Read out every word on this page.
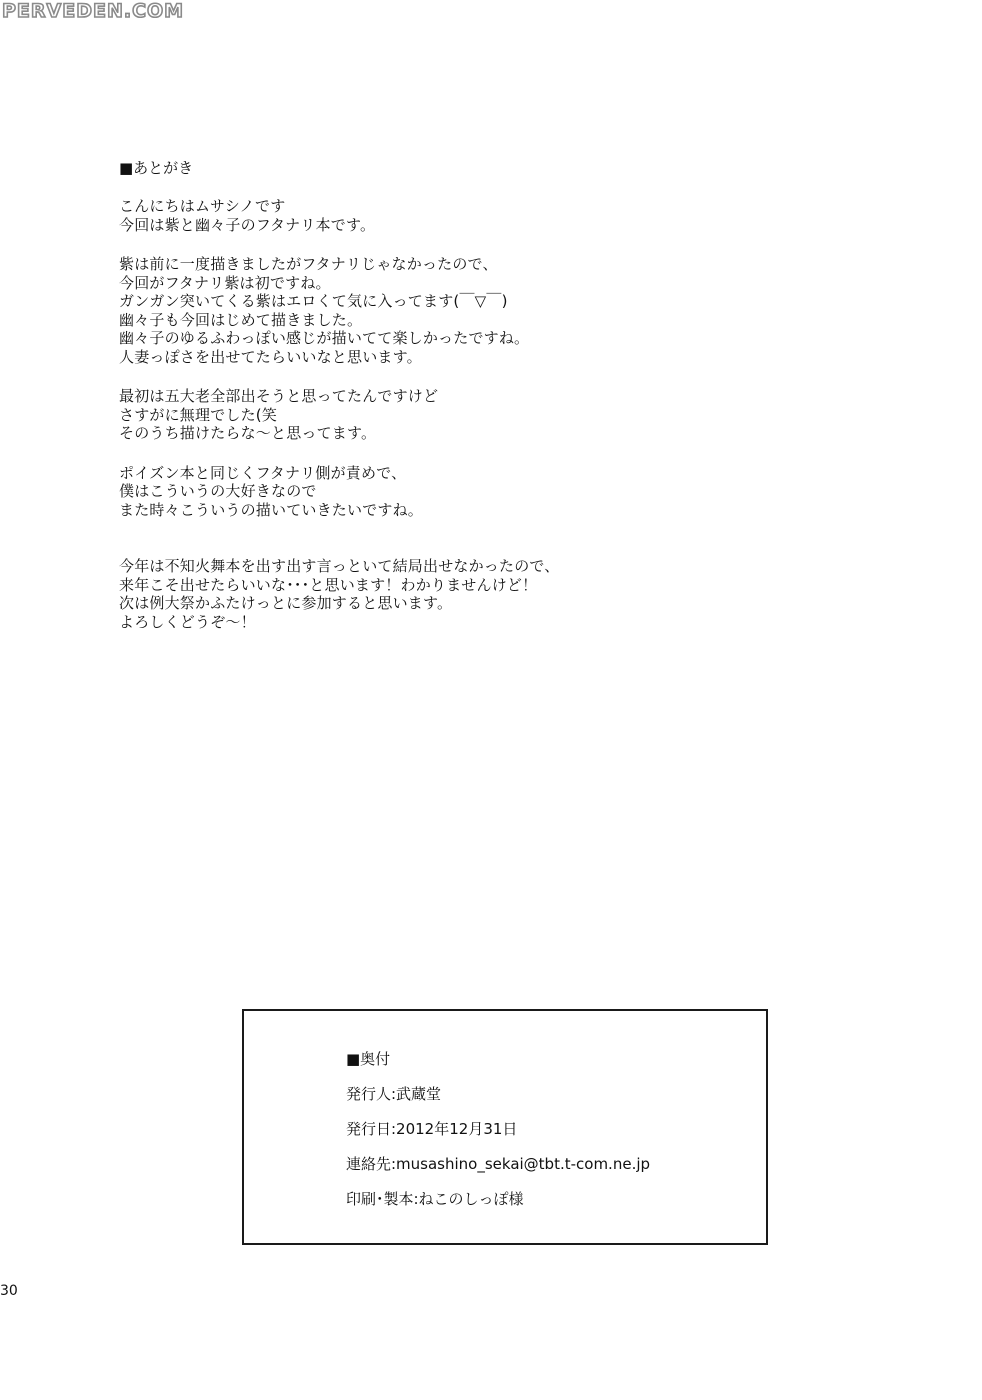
PERVEDEN.COM
■あとがき
こんにちはムサシノです
今回は紫と幽々子のフタナリ本です。
紫は前に一度描きましたがフタナリじゃなかったので、
今回がフタナリ紫は初ですね。
ガンガン突いてくる紫はエロくて気に入ってます(￣▽￣)
幽々子も今回はじめて描きました。
幽々子のゆるふわっぽい感じが描いてて楽しかったですね。
人妻っぽさを出せてたらいいなと思います。
最初は五大老全部出そうと思ってたんですけど
さすがに無理でした(笑
そのうち描けたらな～と思ってます。
ポイズン本と同じくフタナリ側が責めで、
僕はこういうの大好きなので
また時々こういうの描いていきたいですね。
今年は不知火舞本を出す出す言っといて結局出せなかったので、
来年こそ出せたらいいな･･･と思います！わかりませんけど！
次は例大祭かふたけっとに参加すると思います。
よろしくどうぞ～！
■奥付
発行人:武蔵堂
発行日:2012年12月31日
連絡先:musashino_sekai@tbt.t-com.ne.jp
印刷･製本:ねこのしっぽ様
30
